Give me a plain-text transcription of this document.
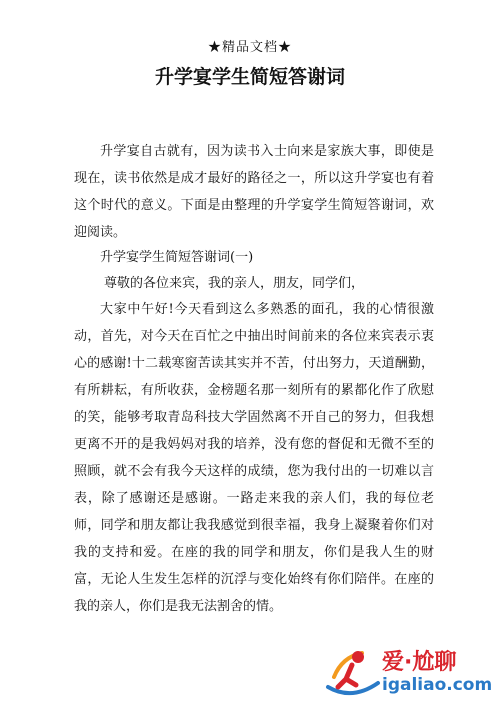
★精品文档★
升学宴学生简短答谢词
升学宴自古就有，因为读书入士向来是家族大事，即使是现在，读书依然是成才最好的路径之一，所以这升学宴也有着这个时代的意义。下面是由整理的升学宴学生简短答谢词，欢迎阅读。
升学宴学生简短答谢词(一)
尊敬的各位来宾，我的亲人，朋友，同学们，
大家中午好!今天看到这么多熟悉的面孔，我的心情很激动，首先，对今天在百忙之中抽出时间前来的各位来宾表示衷心的感谢!十二载寒窗苦读其实并不苦，付出努力，天道酬勤，有所耕耘，有所收获，金榜题名那一刻所有的累都化作了欣慰的笑，能够考取青岛科技大学固然离不开自己的努力，但我想更离不开的是我妈妈对我的培养，没有您的督促和无微不至的照顾，就不会有我今天这样的成绩，您为我付出的一切难以言表，除了感谢还是感谢。一路走来我的亲人们，我的每位老师，同学和朋友都让我我感觉到很幸福，我身上凝聚着你们对我的支持和爱。在座的我的同学和朋友，你们是我人生的财富，无论人生发生怎样的沉浮与变化始终有你们陪伴。在座的我的亲人，你们是我无法割舍的情。
爱·尬聊
igaliao.com
